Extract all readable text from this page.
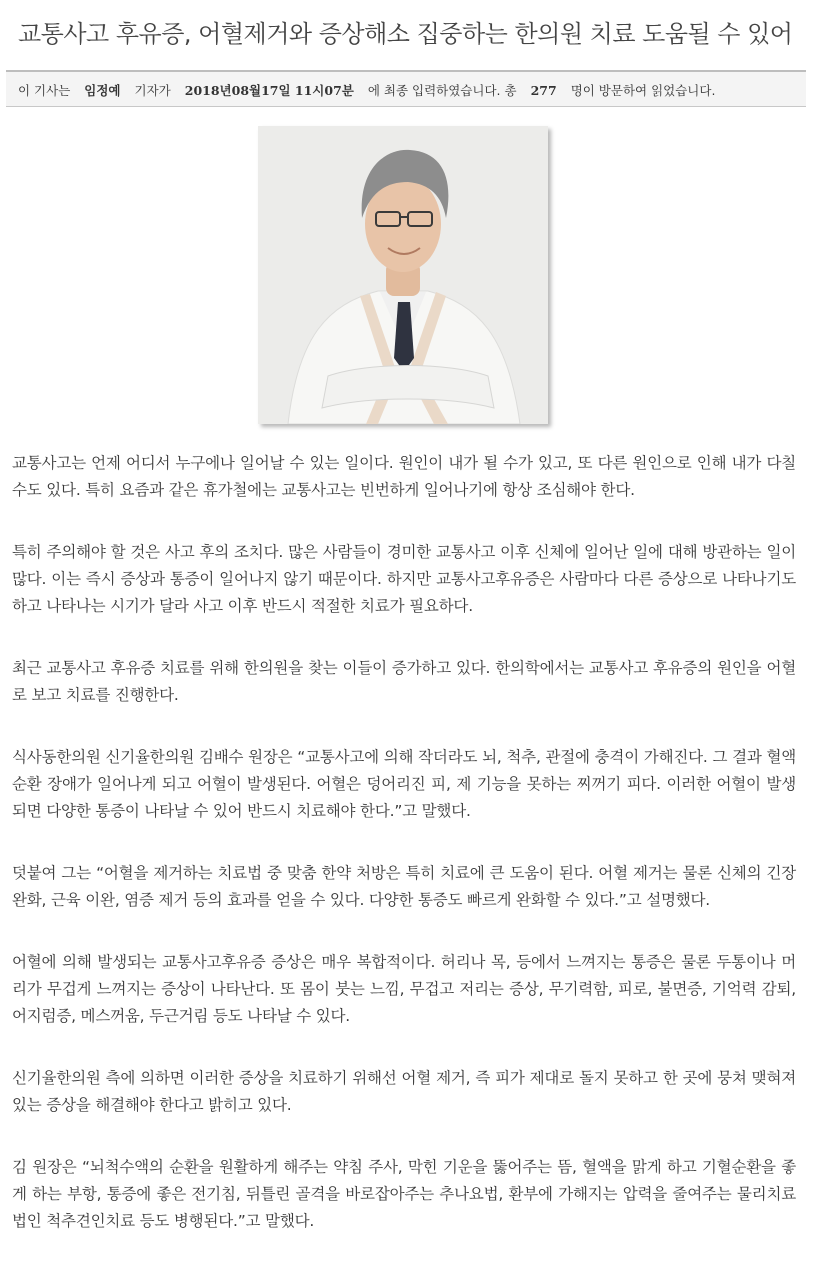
교통사고 후유증, 어혈제거와 증상해소 집중하는 한의원 치료 도움될 수 있어
이 기사는 임정예 기자가 2018년08월17일 11시07분 에 최종 입력하였습니다. 총 277 명이 방문하여 읽었습니다.

교통사고는 언제 어디서 누구에나 일어날 수 있는 일이다. 원인이 내가 될 수가 있고, 또 다른 원인으로 인해 내가 다칠 수도 있다. 특히 요즘과 같은 휴가철에는 교통사고는 빈번하게 일어나기에 항상 조심해야 한다.

특히 주의해야 할 것은 사고 후의 조치다. 많은 사람들이 경미한 교통사고 이후 신체에 일어난 일에 대해 방관하는 일이 많다. 이는 즉시 증상과 통증이 일어나지 않기 때문이다. 하지만 교통사고후유증은 사람마다 다른 증상으로 나타나기도 하고 나타나는 시기가 달라 사고 이후 반드시 적절한 치료가 필요하다.

최근 교통사고 후유증 치료를 위해 한의원을 찾는 이들이 증가하고 있다. 한의학에서는 교통사고 후유증의 원인을 어혈로 보고 치료를 진행한다.

식사동한의원 신기율한의원 김배수 원장은 “교통사고에 의해 작더라도 뇌, 척추, 관절에 충격이 가해진다. 그 결과 혈액순환 장애가 일어나게 되고 어혈이 발생된다. 어혈은 덩어리진 피, 제 기능을 못하는 찌꺼기 피다. 이러한 어혈이 발생되면 다양한 통증이 나타날 수 있어 반드시 치료해야 한다.”고 말했다.

덧붙여 그는 “어혈을 제거하는 치료법 중 맞춤 한약 처방은 특히 치료에 큰 도움이 된다. 어혈 제거는 물론 신체의 긴장완화, 근육 이완, 염증 제거 등의 효과를 얻을 수 있다. 다양한 통증도 빠르게 완화할 수 있다.”고 설명했다.

어혈에 의해 발생되는 교통사고후유증 증상은 매우 복합적이다. 허리나 목, 등에서 느껴지는 통증은 물론 두통이나 머리가 무겁게 느껴지는 증상이 나타난다. 또 몸이 붓는 느낌, 무겁고 저리는 증상, 무기력함, 피로, 불면증, 기억력 감퇴, 어지럼증, 메스꺼움, 두근거림 등도 나타날 수 있다.

신기율한의원 측에 의하면 이러한 증상을 치료하기 위해선 어혈 제거, 즉 피가 제대로 돌지 못하고 한 곳에 뭉쳐 맺혀져 있는 증상을 해결해야 한다고 밝히고 있다.

김 원장은 “뇌척수액의 순환을 원활하게 해주는 약침 주사, 막힌 기운을 뚫어주는 뜸, 혈액을 맑게 하고 기혈순환을 좋게 하는 부항, 통증에 좋은 전기침, 뒤틀린 골격을 바로잡아주는 추나요법, 환부에 가해지는 압력을 줄여주는 물리치료법인 척추견인치료 등도 병행된다.”고 말했다.
